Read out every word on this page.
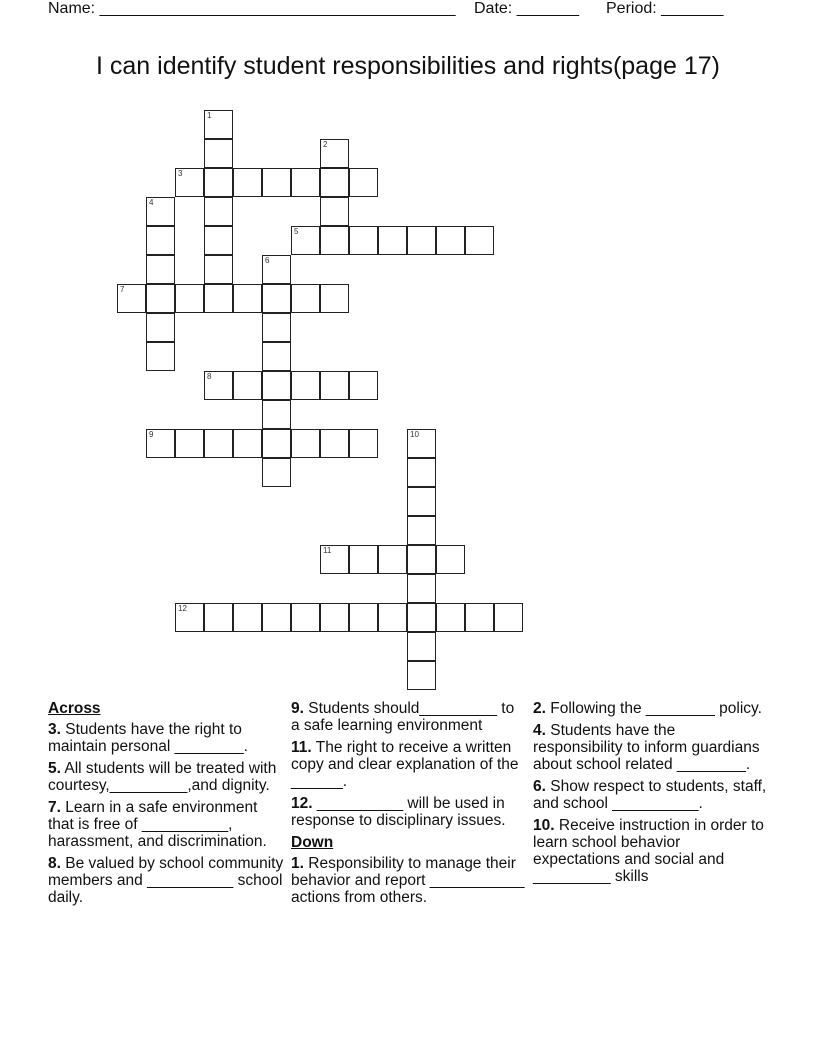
Name: ________________________________________ Date: _______ Period: _______
I can identify student responsibilities and rights(page 17)
1
2
3
4
5
6
7
8
9	10
11
12
Across
3. Students have the right to maintain personal ________.
5. All students will be treated with courtesy,_________,and dignity.
7. Learn in a safe environment that is free of __________, harassment, and discrimination.
8. Be valued by school community members and __________ school daily.
9. Students should_________ to a safe learning environment
11. The right to receive a written copy and clear explanation of the ______.
12. __________ will be used in response to disciplinary issues.
Down
1. Responsibility to manage their behavior and report ___________ actions from others.
2. Following the ________ policy.
4. Students have the responsibility to inform guardians about school related ________.
6. Show respect to students, staff, and school __________.
10. Receive instruction in order to learn school behavior expectations and social and _________ skills
